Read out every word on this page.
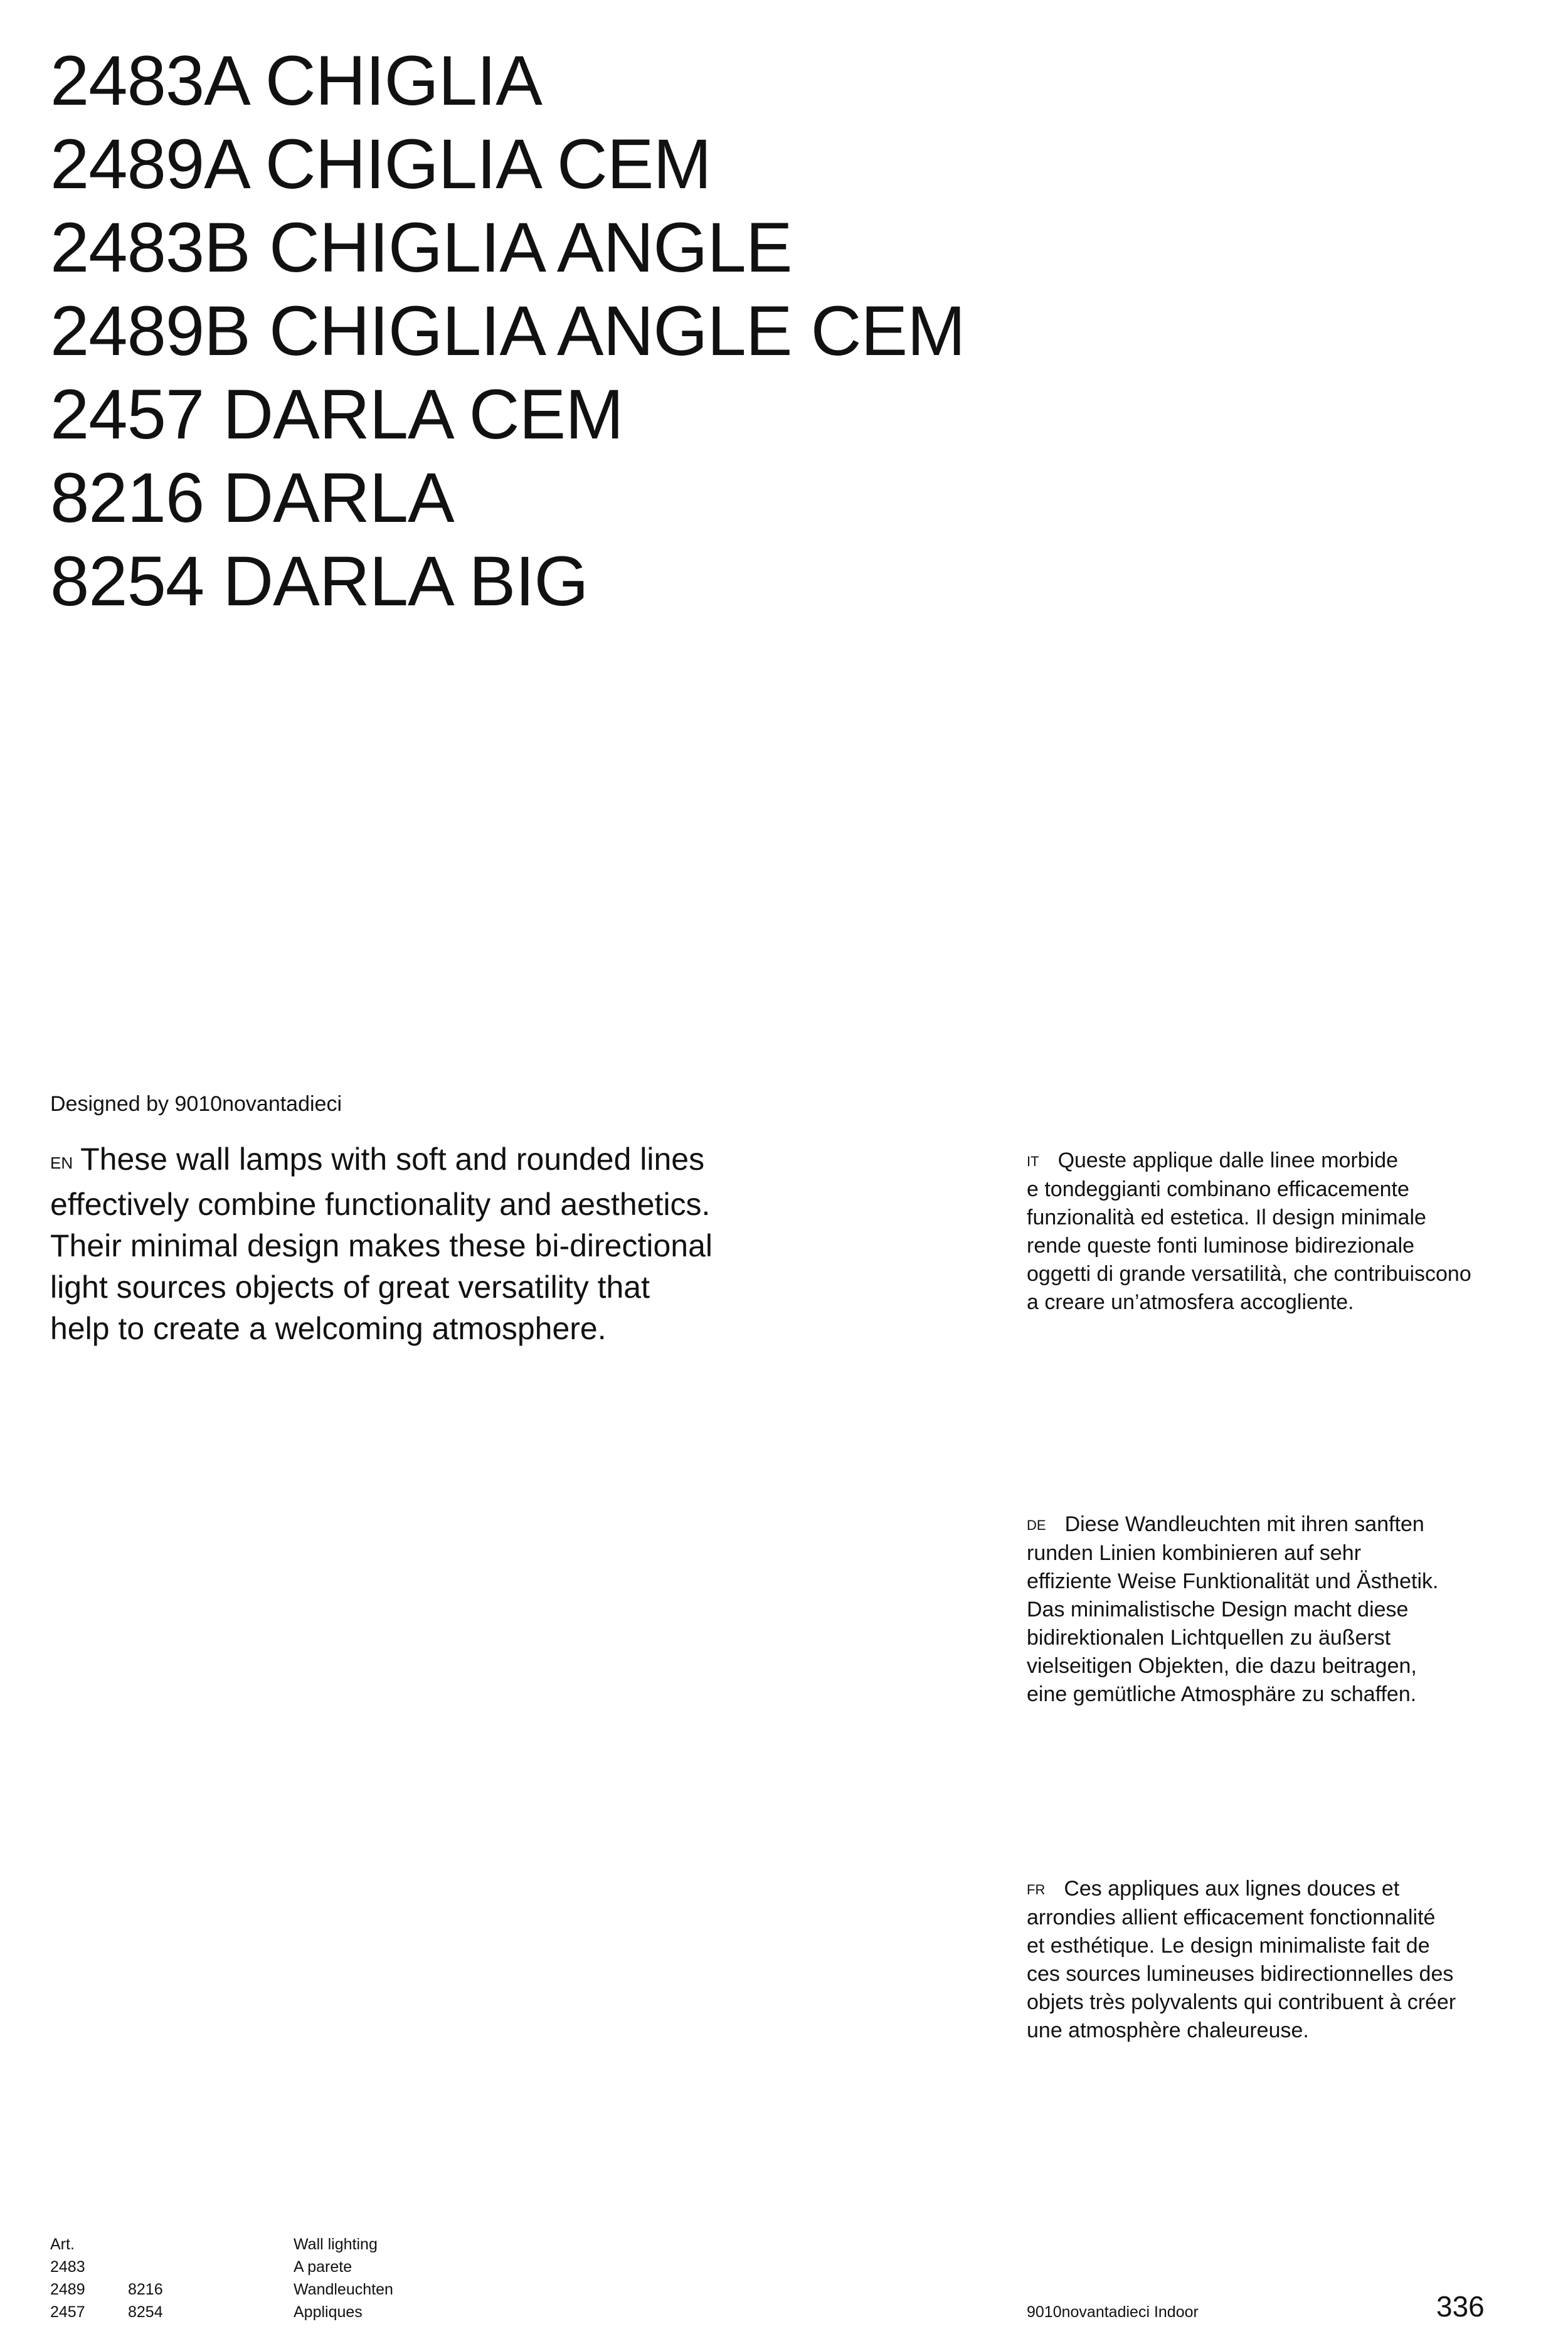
2483A CHIGLIA
2489A CHIGLIA CEM
2483B CHIGLIA ANGLE
2489B CHIGLIA ANGLE CEM
2457 DARLA CEM
8216 DARLA
8254 DARLA BIG
Designed by 9010novantadieci
EN These wall lamps with soft and rounded lines
effectively combine functionality and aesthetics.
Their minimal design makes these bi-directional
light sources objects of great versatility that
help to create a welcoming atmosphere.
IT Queste applique dalle linee morbide
e tondeggianti combinano efficacemente
funzionalità ed estetica. Il design minimale
rende queste fonti luminose bidirezionale
oggetti di grande versatilità, che contribuiscono
a creare un’atmosfera accogliente.
DE Diese Wandleuchten mit ihren sanften
runden Linien kombinieren auf sehr
effiziente Weise Funktionalität und Ästhetik.
Das minimalistische Design macht diese
bidirektionalen Lichtquellen zu äußerst
vielseitigen Objekten, die dazu beitragen,
eine gemütliche Atmosphäre zu schaffen.
FR Ces appliques aux lignes douces et
arrondies allient efficacement fonctionnalité
et esthétique. Le design minimaliste fait de
ces sources lumineuses bidirectionnelles des
objets très polyvalents qui contribuent à créer
une atmosphère chaleureuse.
Art.
2483
2489
2457
8216
8254
Wall lighting
A parete
Wandleuchten
Appliques	9010novantadieci Indoor	336
